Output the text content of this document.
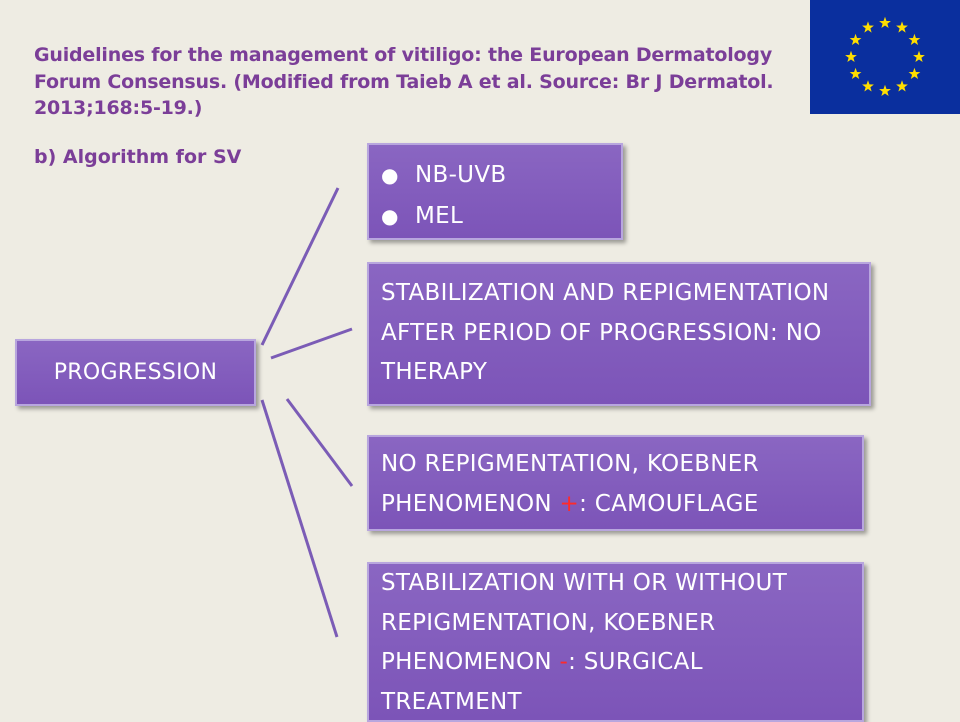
Guidelines for the management of vitiligo: the European Dermatology Forum Consensus. (Modified from Taieb A et al. Source: Br J Dermatol. 2013;168:5-19.)
b) Algorithm for SV
PROGRESSION
● NB-UVB
● MEL
STABILIZATION AND REPIGMENTATION AFTER PERIOD OF PROGRESSION: NO THERAPY
NO REPIGMENTATION, KOEBNER PHENOMENON +: CAMOUFLAGE
STABILIZATION WITH OR WITHOUT REPIGMENTATION, KOEBNER PHENOMENON -: SURGICAL TREATMENT
